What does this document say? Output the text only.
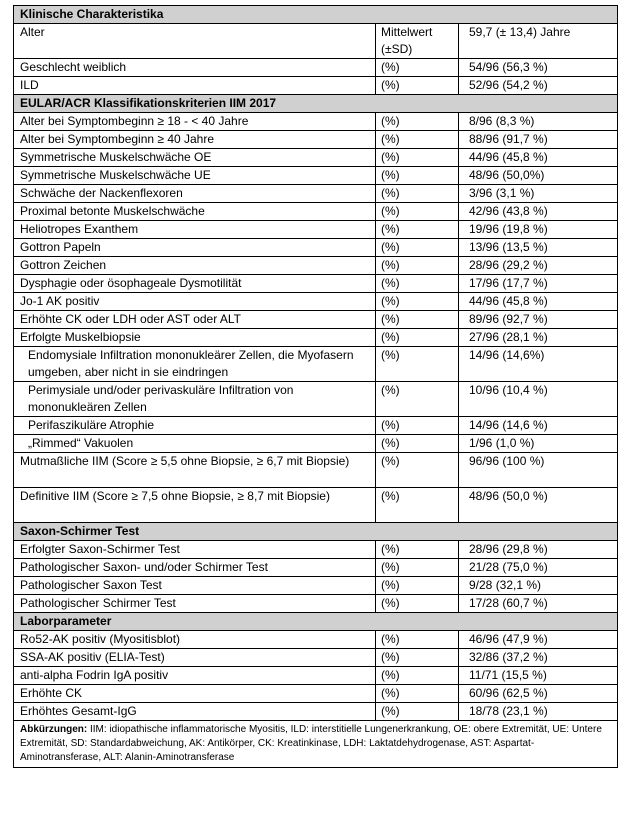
Klinische Charakteristika		
Alter	Mittelwert (±SD)	59,7 (± 13,4) Jahre
Geschlecht weiblich	(%)	54/96 (56,3 %)
ILD	(%)	52/96 (54,2 %)
EULAR/ACR Klassifikationskriterien IIM 2017		
Alter bei Symptombeginn ≥ 18 - < 40 Jahre	(%)	8/96 (8,3 %)
Alter bei Symptombeginn ≥ 40 Jahre	(%)	88/96 (91,7 %)
Symmetrische Muskelschwäche OE	(%)	44/96 (45,8 %)
Symmetrische Muskelschwäche UE	(%)	48/96 (50,0%)
Schwäche der Nackenflexoren	(%)	3/96 (3,1 %)
Proximal betonte Muskelschwäche	(%)	42/96 (43,8 %)
Heliotropes Exanthem	(%)	19/96 (19,8 %)
Gottron Papeln	(%)	13/96 (13,5 %)
Gottron Zeichen	(%)	28/96 (29,2 %)
Dysphagie oder ösophageale Dysmotilität	(%)	17/96 (17,7 %)
Jo-1 AK positiv	(%)	44/96 (45,8 %)
Erhöhte CK oder LDH oder AST oder ALT	(%)	89/96 (92,7 %)
Erfolgte Muskelbiopsie	(%)	27/96 (28,1 %)
Endomysiale Infiltration mononukleärer Zellen, die Myofasern umgeben, aber nicht in sie eindringen	(%)	14/96 (14,6%)
Perimysiale und/oder perivaskuläre Infiltration von mononukleären Zellen	(%)	10/96 (10,4 %)
Perifaszikuläre Atrophie	(%)	14/96 (14,6 %)
„Rimmed“ Vakuolen	(%)	1/96 (1,0 %)
Mutmaßliche IIM (Score ≥ 5,5 ohne Biopsie, ≥ 6,7 mit Biopsie)	(%)	96/96 (100 %)
Definitive IIM (Score ≥ 7,5 ohne Biopsie, ≥ 8,7 mit Biopsie)	(%)	48/96 (50,0 %)
Saxon-Schirmer Test		
Erfolgter Saxon-Schirmer Test	(%)	28/96 (29,8 %)
Pathologischer Saxon- und/oder Schirmer Test	(%)	21/28 (75,0 %)
Pathologischer Saxon Test	(%)	9/28 (32,1 %)
Pathologischer Schirmer Test	(%)	17/28 (60,7 %)
Laborparameter		
Ro52-AK positiv (Myositisblot)	(%)	46/96 (47,9 %)
SSA-AK positiv (ELIA-Test)	(%)	32/86 (37,2 %)
anti-alpha Fodrin IgA positiv	(%)	11/71 (15,5 %)
Erhöhte CK	(%)	60/96 (62,5 %)
Erhöhtes Gesamt-IgG	(%)	18/78 (23,1 %)
Abkürzungen: IIM: idiopathische inflammatorische Myositis, ILD: interstitielle Lungenerkrankung, OE: obere Extremität, UE: Untere Extremität, SD: Standardabweichung, AK: Antikörper, CK: Kreatinkinase, LDH: Laktatdehydrogenase, AST: Aspartat-Aminotransferase, ALT: Alanin-Aminotransferase		
